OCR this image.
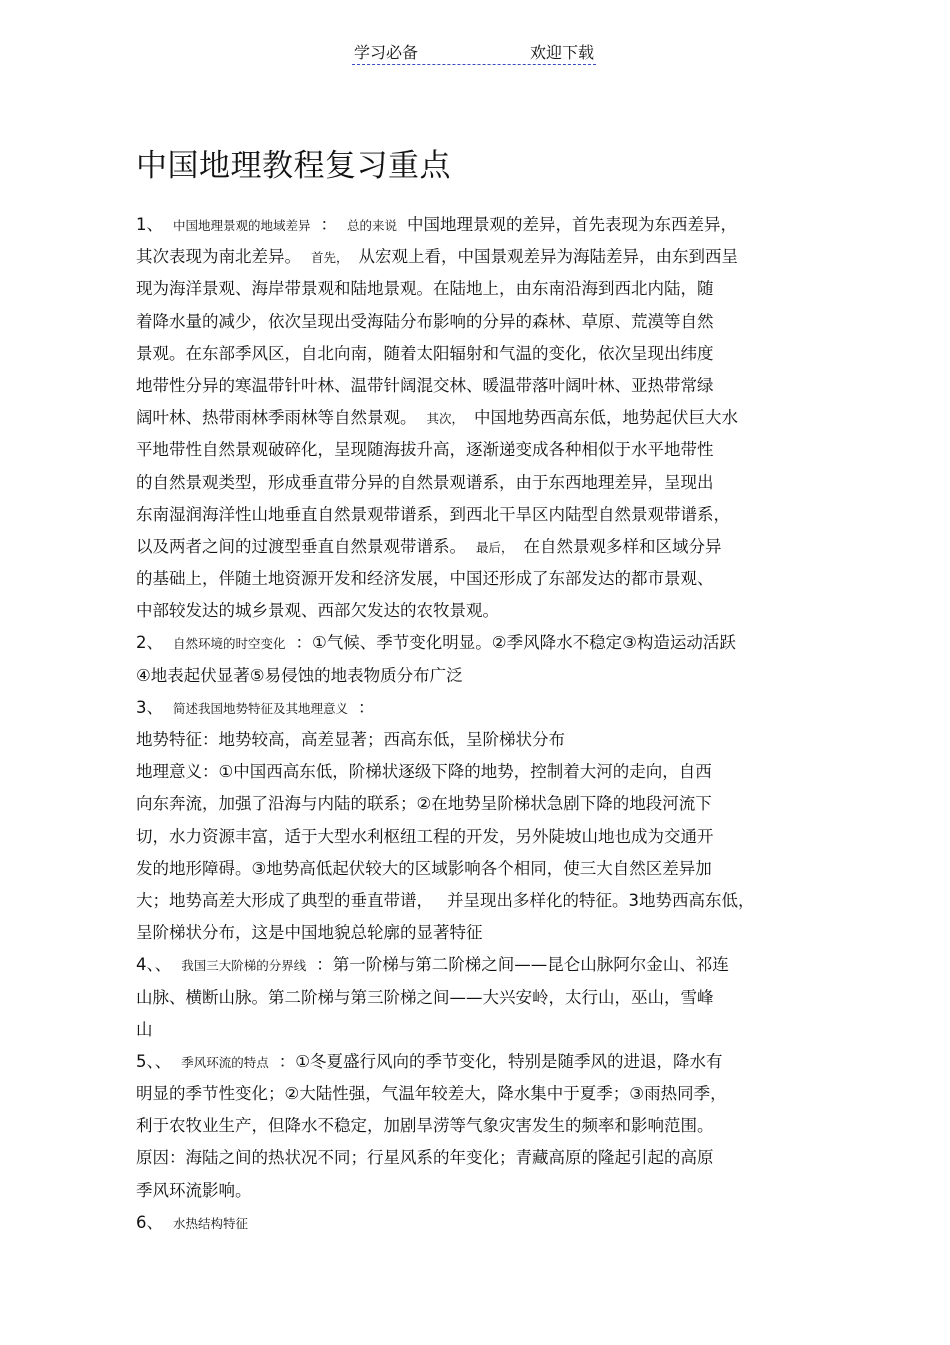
学习必备	欢迎下载
中国地理教程复习重点
1、 中国地理景观的地域差异 ： 总的来说 中国地理景观的差异，首先表现为东西差异，
其次表现为南北差异。 首先， 从宏观上看，中国景观差异为海陆差异，由东到西呈
现为海洋景观、海岸带景观和陆地景观。在陆地上，由东南沿海到西北内陆，随
着降水量的减少，依次呈现出受海陆分布影响的分异的森林、草原、荒漠等自然
景观。在东部季风区，自北向南，随着太阳辐射和气温的变化，依次呈现出纬度
地带性分异的寒温带针叶林、温带针阔混交林、暖温带落叶阔叶林、亚热带常绿
阔叶林、热带雨林季雨林等自然景观。 其次， 中国地势西高东低，地势起伏巨大水
平地带性自然景观破碎化，呈现随海拔升高，逐渐递变成各种相似于水平地带性
的自然景观类型，形成垂直带分异的自然景观谱系，由于东西地理差异，呈现出
东南湿润海洋性山地垂直自然景观带谱系，到西北干旱区内陆型自然景观带谱系，
以及两者之间的过渡型垂直自然景观带谱系。 最后， 在自然景观多样和区域分异
的基础上，伴随土地资源开发和经济发展，中国还形成了东部发达的都市景观、
中部较发达的城乡景观、西部欠发达的农牧景观。
2、 自然环境的时空变化 ：①气候、季节变化明显。②季风降水不稳定③构造运动活跃
④地表起伏显著⑤易侵蚀的地表物质分布广泛
3、 简述我国地势特征及其地理意义 ：
地势特征：地势较高，高差显著；西高东低，呈阶梯状分布
地理意义：①中国西高东低，阶梯状逐级下降的地势，控制着大河的走向，自西
向东奔流，加强了沿海与内陆的联系；②在地势呈阶梯状急剧下降的地段河流下
切，水力资源丰富，适于大型水利枢纽工程的开发，另外陡坡山地也成为交通开
发的地形障碍。③地势高低起伏较大的区域影响各个相同，使三大自然区差异加
大；地势高差大形成了典型的垂直带谱， 并呈现出多样化的特征。3地势西高东低，
呈阶梯状分布，这是中国地貌总轮廓的显著特征
4、、 我国三大阶梯的分界线 ：第一阶梯与第二阶梯之间——昆仑山脉阿尔金山、祁连
山脉、横断山脉。第二阶梯与第三阶梯之间——大兴安岭，太行山，巫山，雪峰
山
5、、 季风环流的特点 ：①冬夏盛行风向的季节变化，特别是随季风的进退，降水有
明显的季节性变化；②大陆性强，气温年较差大，降水集中于夏季；③雨热同季，
利于农牧业生产，但降水不稳定，加剧旱涝等气象灾害发生的频率和影响范围。
原因：海陆之间的热状况不同；行星风系的年变化；青藏高原的隆起引起的高原
季风环流影响。
6、 水热结构特征
